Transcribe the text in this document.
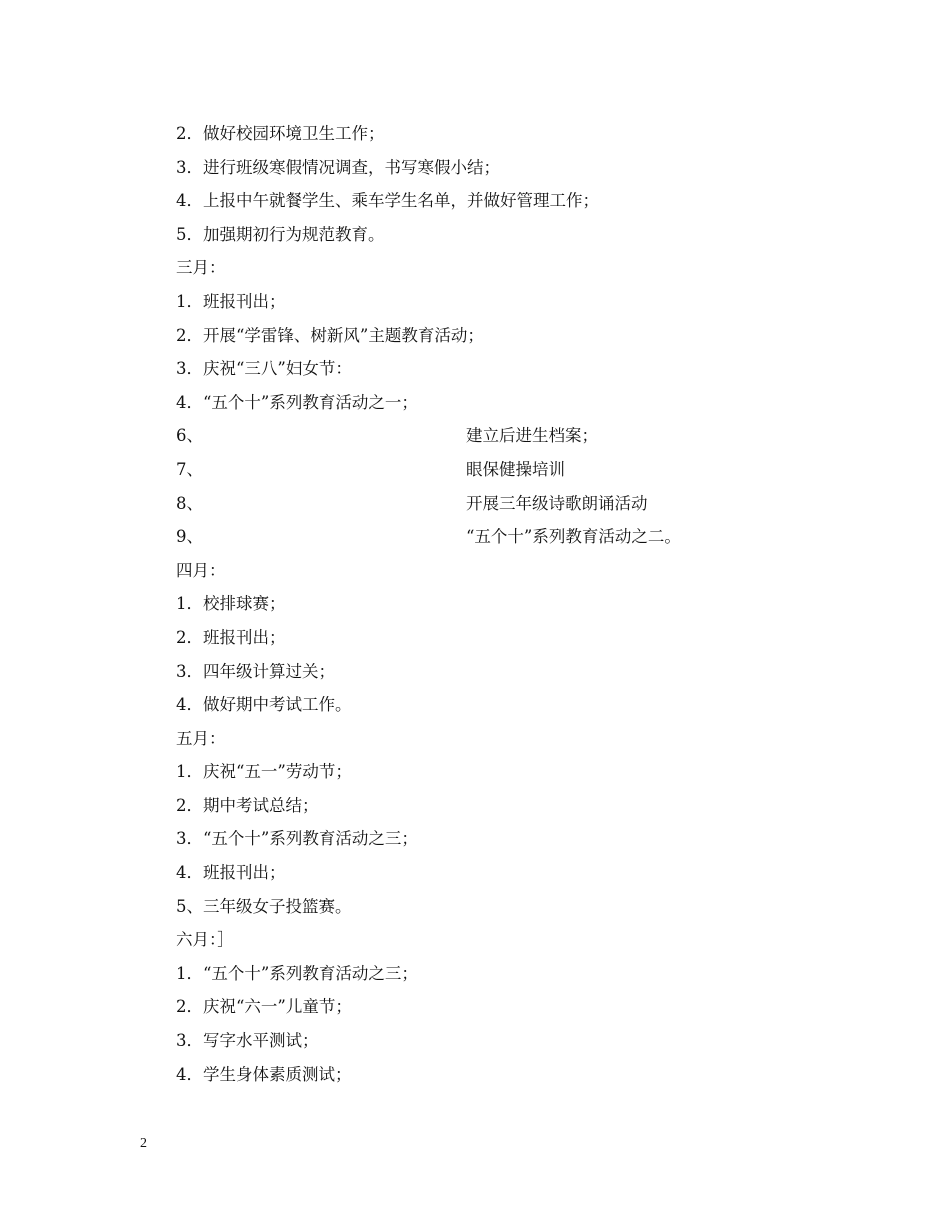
2．做好校园环境卫生工作；
3．进行班级寒假情况调查，书写寒假小结；
4．上报中午就餐学生、乘车学生名单，并做好管理工作；
5．加强期初行为规范教育。
三月：
1．班报刊出；
2．开展“学雷锋、树新风”主题教育活动；
3．庆祝“三八”妇女节：
4．“五个十”系列教育活动之一；
6、	建立后进生档案；
7、	眼保健操培训
8、	开展三年级诗歌朗诵活动
9、	“五个十”系列教育活动之二。
四月：
1．校排球赛；
2．班报刊出；
3．四年级计算过关；
4．做好期中考试工作。
五月：
1．庆祝“五一”劳动节；
2．期中考试总结；
3．“五个十”系列教育活动之三；
4．班报刊出；
5、三年级女子投篮赛。
六月：］
1．“五个十”系列教育活动之三；
2．庆祝“六一”儿童节；
3．写字水平测试；
4．学生身体素质测试；
2
